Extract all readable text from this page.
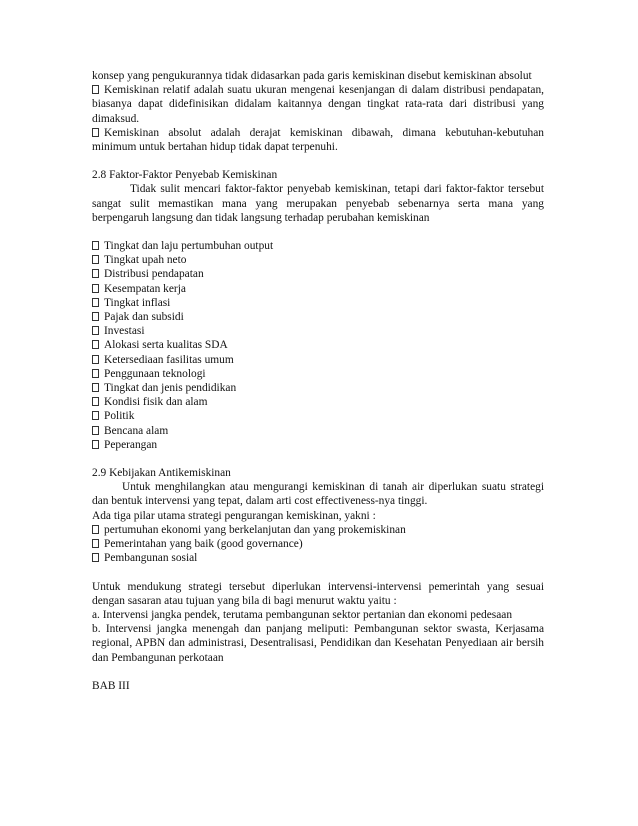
konsep yang pengukurannya tidak didasarkan pada garis kemiskinan disebut kemiskinan absolut

Kemiskinan relatif adalah suatu ukuran mengenai kesenjangan di dalam distribusi pendapatan, biasanya dapat didefinisikan didalam kaitannya dengan tingkat rata-rata dari distribusi yang dimaksud.

Kemiskinan absolut adalah derajat kemiskinan dibawah, dimana kebutuhan-kebutuhan minimum untuk bertahan hidup tidak dapat terpenuhi.

2.8 Faktor-Faktor Penyebab Kemiskinan

Tidak sulit mencari faktor-faktor penyebab kemiskinan, tetapi dari faktor-faktor tersebut sangat sulit memastikan mana yang merupakan penyebab sebenarnya serta mana yang berpengaruh langsung dan tidak langsung terhadap perubahan kemiskinan

Tingkat dan laju pertumbuhan output
Tingkat upah neto
Distribusi pendapatan
Kesempatan kerja
Tingkat inflasi
Pajak dan subsidi
Investasi
Alokasi serta kualitas SDA
Ketersediaan fasilitas umum
Penggunaan teknologi
Tingkat dan jenis pendidikan
Kondisi fisik dan alam
Politik
Bencana alam
Peperangan

2.9 Kebijakan Antikemiskinan

Untuk menghilangkan atau mengurangi kemiskinan di tanah air diperlukan suatu strategi dan bentuk intervensi yang tepat, dalam arti cost effectiveness-nya tinggi.

Ada tiga pilar utama strategi pengurangan kemiskinan, yakni :

pertumuhan ekonomi yang berkelanjutan dan yang prokemiskinan
Pemerintahan yang baik (good governance)
Pembangunan sosial

Untuk mendukung strategi tersebut diperlukan intervensi-intervensi pemerintah yang sesuai dengan sasaran atau tujuan yang bila di bagi menurut waktu yaitu :

a. Intervensi jangka pendek, terutama pembangunan sektor pertanian dan ekonomi pedesaan

b. Intervensi jangka menengah dan panjang meliputi: Pembangunan sektor swasta, Kerjasama regional, APBN dan administrasi, Desentralisasi, Pendidikan dan Kesehatan Penyediaan air bersih dan Pembangunan perkotaan

BAB III
